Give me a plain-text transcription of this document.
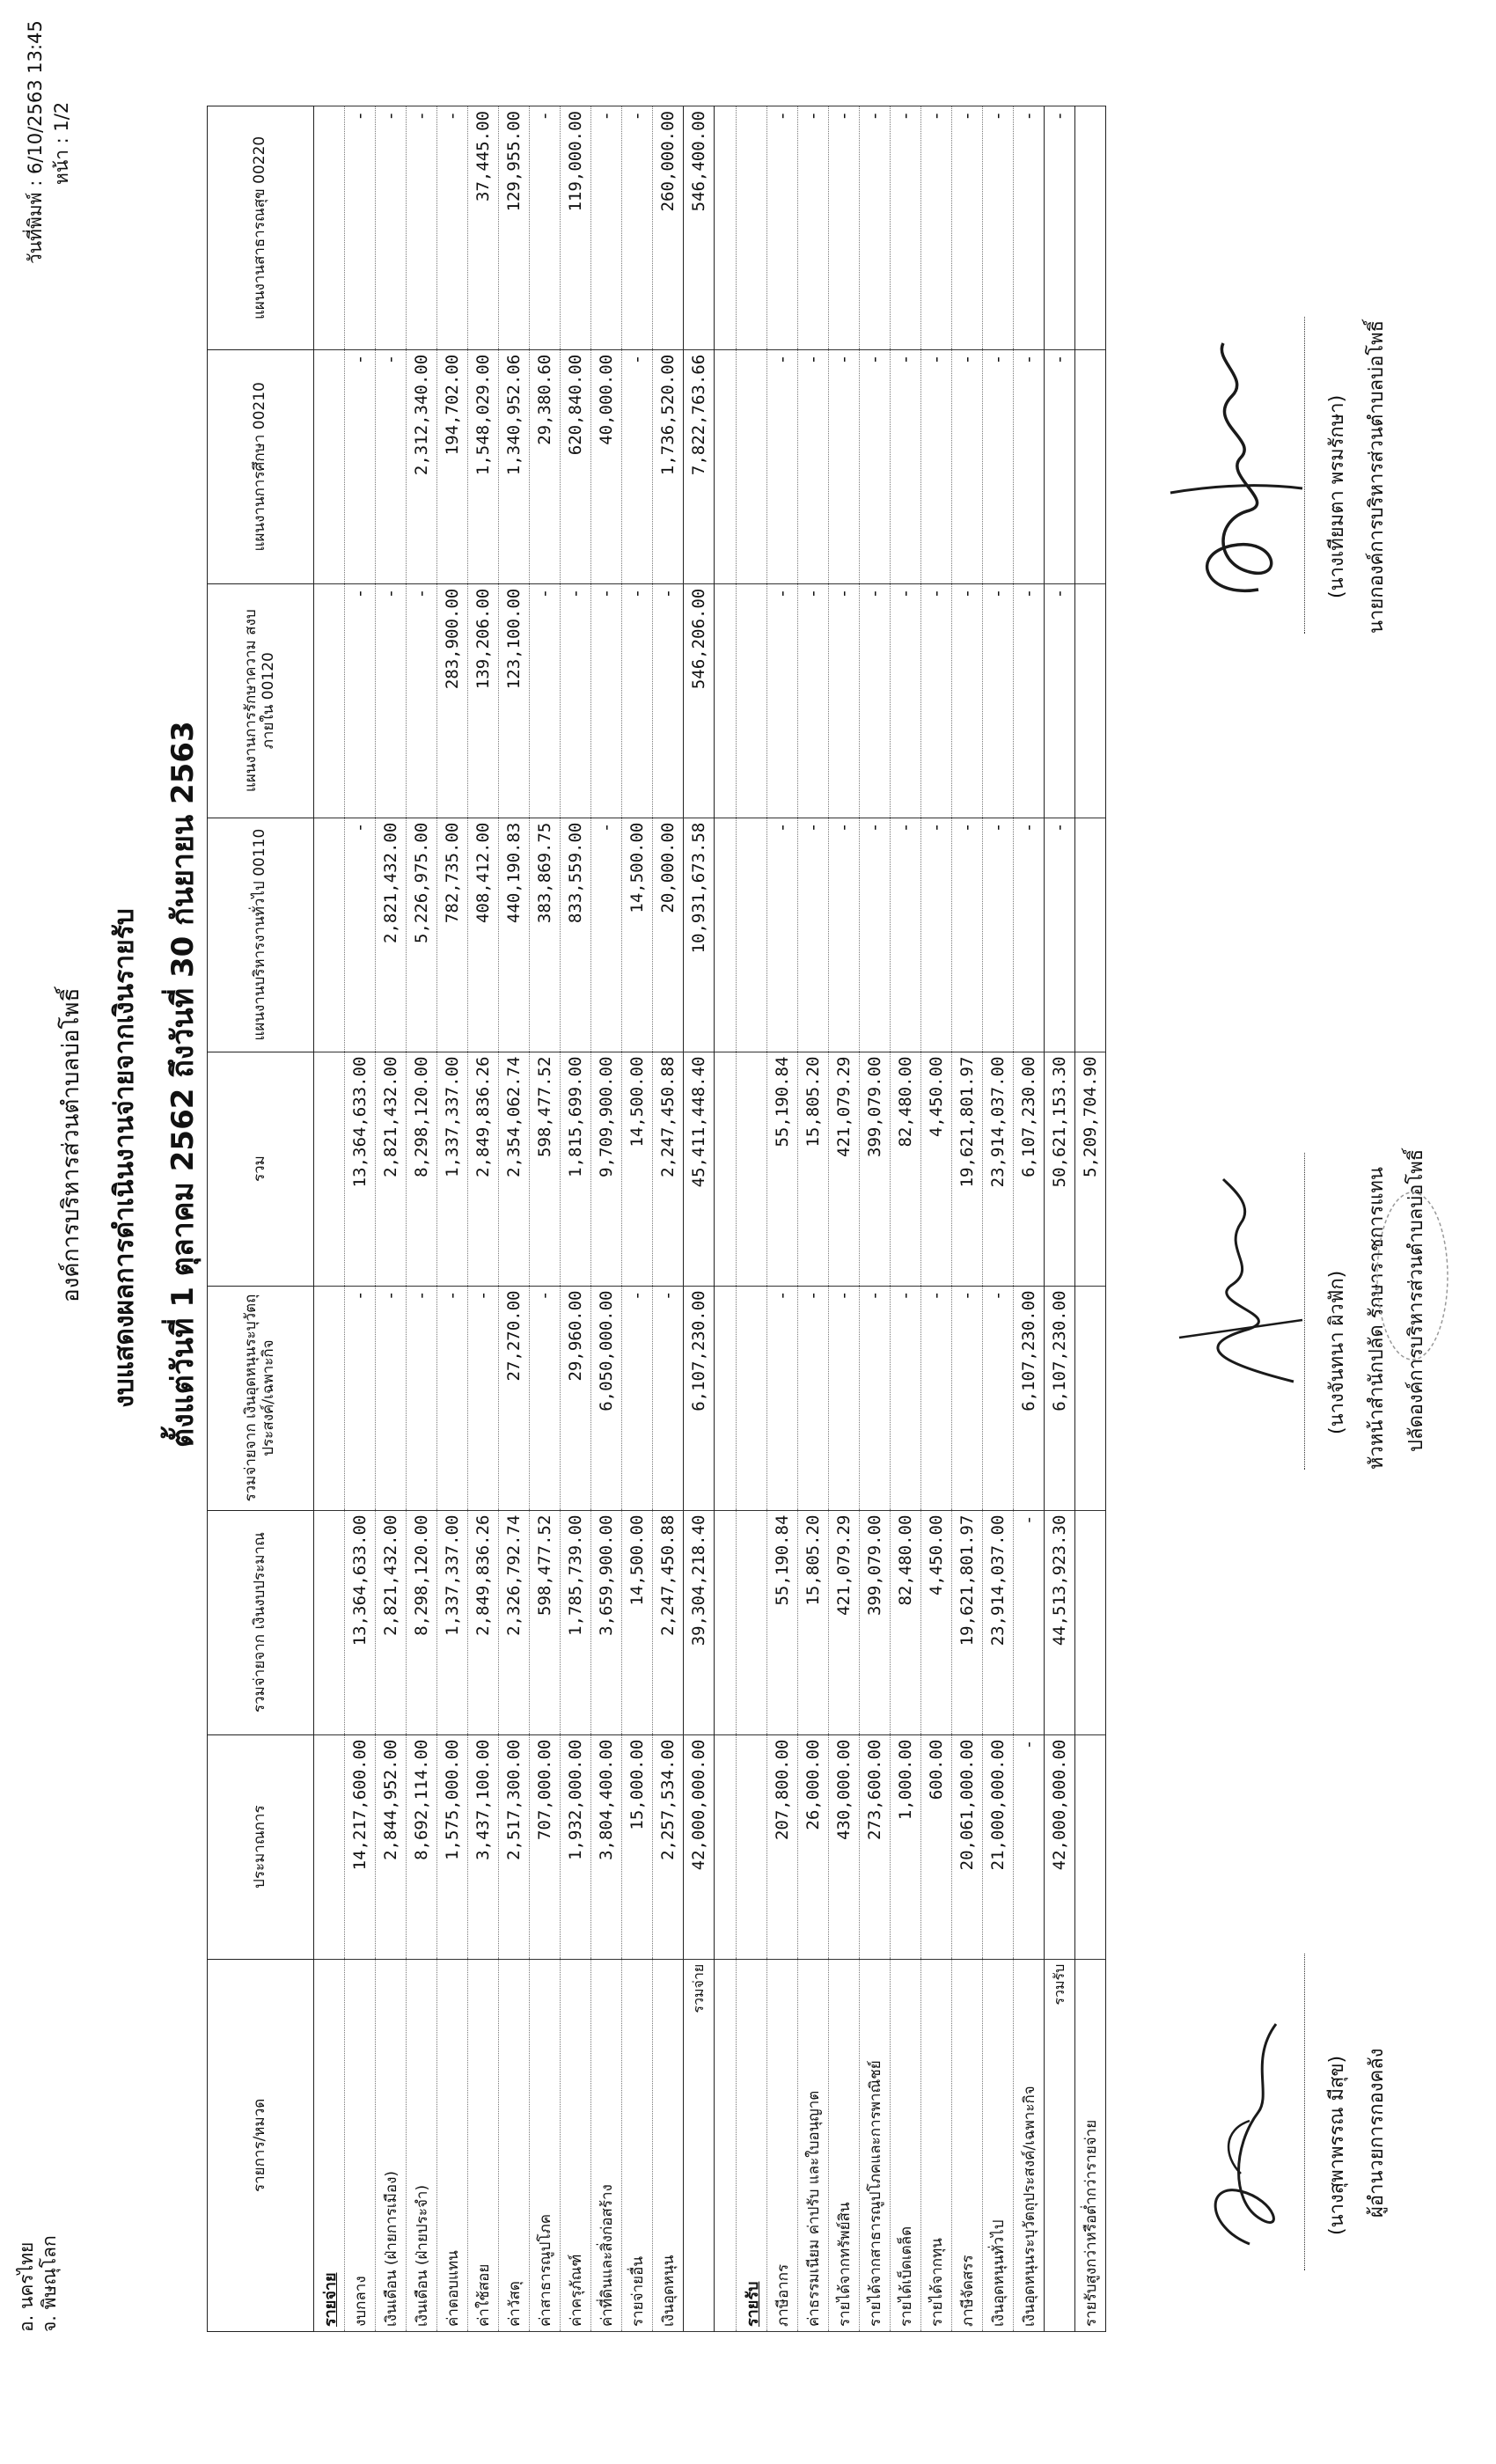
วันที่พิมพ์ : 6/10/2563 13:45 หน้า : 1/2
อ. นครไทย จ. พิษณุโลก
องค์การบริหารส่วนตำบลบ่อโพธิ์ งบแสดงผลการดำเนินงานจ่ายจากเงินรายรับ ตั้งแต่วันที่ 1 ตุลาคม 2562 ถึงวันที่ 30 กันยายน 2563
รายการ/หมวด	ประมาณการ	รวมจ่ายจาก เงินงบประมาณ	รวมจ่ายจาก เงินอุดหนุนระบุวัตถุ ประสงค์/เฉพาะกิจ	รวม	แผนงานบริหารงานทั่วไป 00110	แผนงานการรักษาความ สงบภายใน 00120	แผนงานการศึกษา 00210	แผนงานสาธารณสุข 00220
รายจ่าย								
งบกลาง	14,217,600.00	13,364,633.00	-	13,364,633.00	-	-	-	-
เงินเดือน (ฝ่ายการเมือง)	2,844,952.00	2,821,432.00	-	2,821,432.00	2,821,432.00	-	-	-
เงินเดือน (ฝ่ายประจำ)	8,692,114.00	8,298,120.00	-	8,298,120.00	5,226,975.00	-	2,312,340.00	-
ค่าตอบแทน	1,575,000.00	1,337,337.00	-	1,337,337.00	782,735.00	283,900.00	194,702.00	-
ค่าใช้สอย	3,437,100.00	2,849,836.26	-	2,849,836.26	408,412.00	139,206.00	1,548,029.00	37,445.00
ค่าวัสดุ	2,517,300.00	2,326,792.74	27,270.00	2,354,062.74	440,190.83	123,100.00	1,340,952.06	129,955.00
ค่าสาธารณูปโภค	707,000.00	598,477.52	-	598,477.52	383,869.75	-	29,380.60	-
ค่าครุภัณฑ์	1,932,000.00	1,785,739.00	29,960.00	1,815,699.00	833,559.00	-	620,840.00	119,000.00
ค่าที่ดินและสิ่งก่อสร้าง	3,804,400.00	3,659,900.00	6,050,000.00	9,709,900.00	-	-	40,000.00	-
รายจ่ายอื่น	15,000.00	14,500.00	-	14,500.00	14,500.00	-	-	-
เงินอุดหนุน	2,257,534.00	2,247,450.88	-	2,247,450.88	20,000.00	-	1,736,520.00	260,000.00
รวมจ่าย	42,000,000.00	39,304,218.40	6,107,230.00	45,411,448.40	10,931,673.58	546,206.00	7,822,763.66	546,400.00

รายรับ								
ภาษีอากร	207,800.00	55,190.84	-	55,190.84	-	-	-	-
ค่าธรรมเนียม ค่าปรับ และใบอนุญาต	26,000.00	15,805.20	-	15,805.20	-	-	-	-
รายได้จากทรัพย์สิน	430,000.00	421,079.29	-	421,079.29	-	-	-	-
รายได้จากสาธารณูปโภคและการพาณิชย์	273,600.00	399,079.00	-	399,079.00	-	-	-	-
รายได้เบ็ดเตล็ด	1,000.00	82,480.00	-	82,480.00	-	-	-	-
รายได้จากทุน	600.00	4,450.00	-	4,450.00	-	-	-	-
ภาษีจัดสรร	20,061,000.00	19,621,801.97	-	19,621,801.97	-	-	-	-
เงินอุดหนุนทั่วไป	21,000,000.00	23,914,037.00	-	23,914,037.00	-	-	-	-
เงินอุดหนุนระบุวัตถุประสงค์/เฉพาะกิจ	-	-	6,107,230.00	6,107,230.00	-	-	-	-
รวมรับ	42,000,000.00	44,513,923.30	6,107,230.00	50,621,153.30	-	-	-	-
รายรับสูงกว่าหรือต่ำกว่ารายจ่าย				5,209,704.90				
(นางสุพาพรรณ มีสุข) ผู้อำนวยการกองคลัง
(นางจันทนา ผิวฟัก) หัวหน้าสำนักปลัด รักษาราชการแทน ปลัดองค์การบริหารส่วนตำบลบ่อโพธิ์
(นางเทียมตา พรมรักษา) นายกองค์การบริหารส่วนตำบลบ่อโพธิ์
